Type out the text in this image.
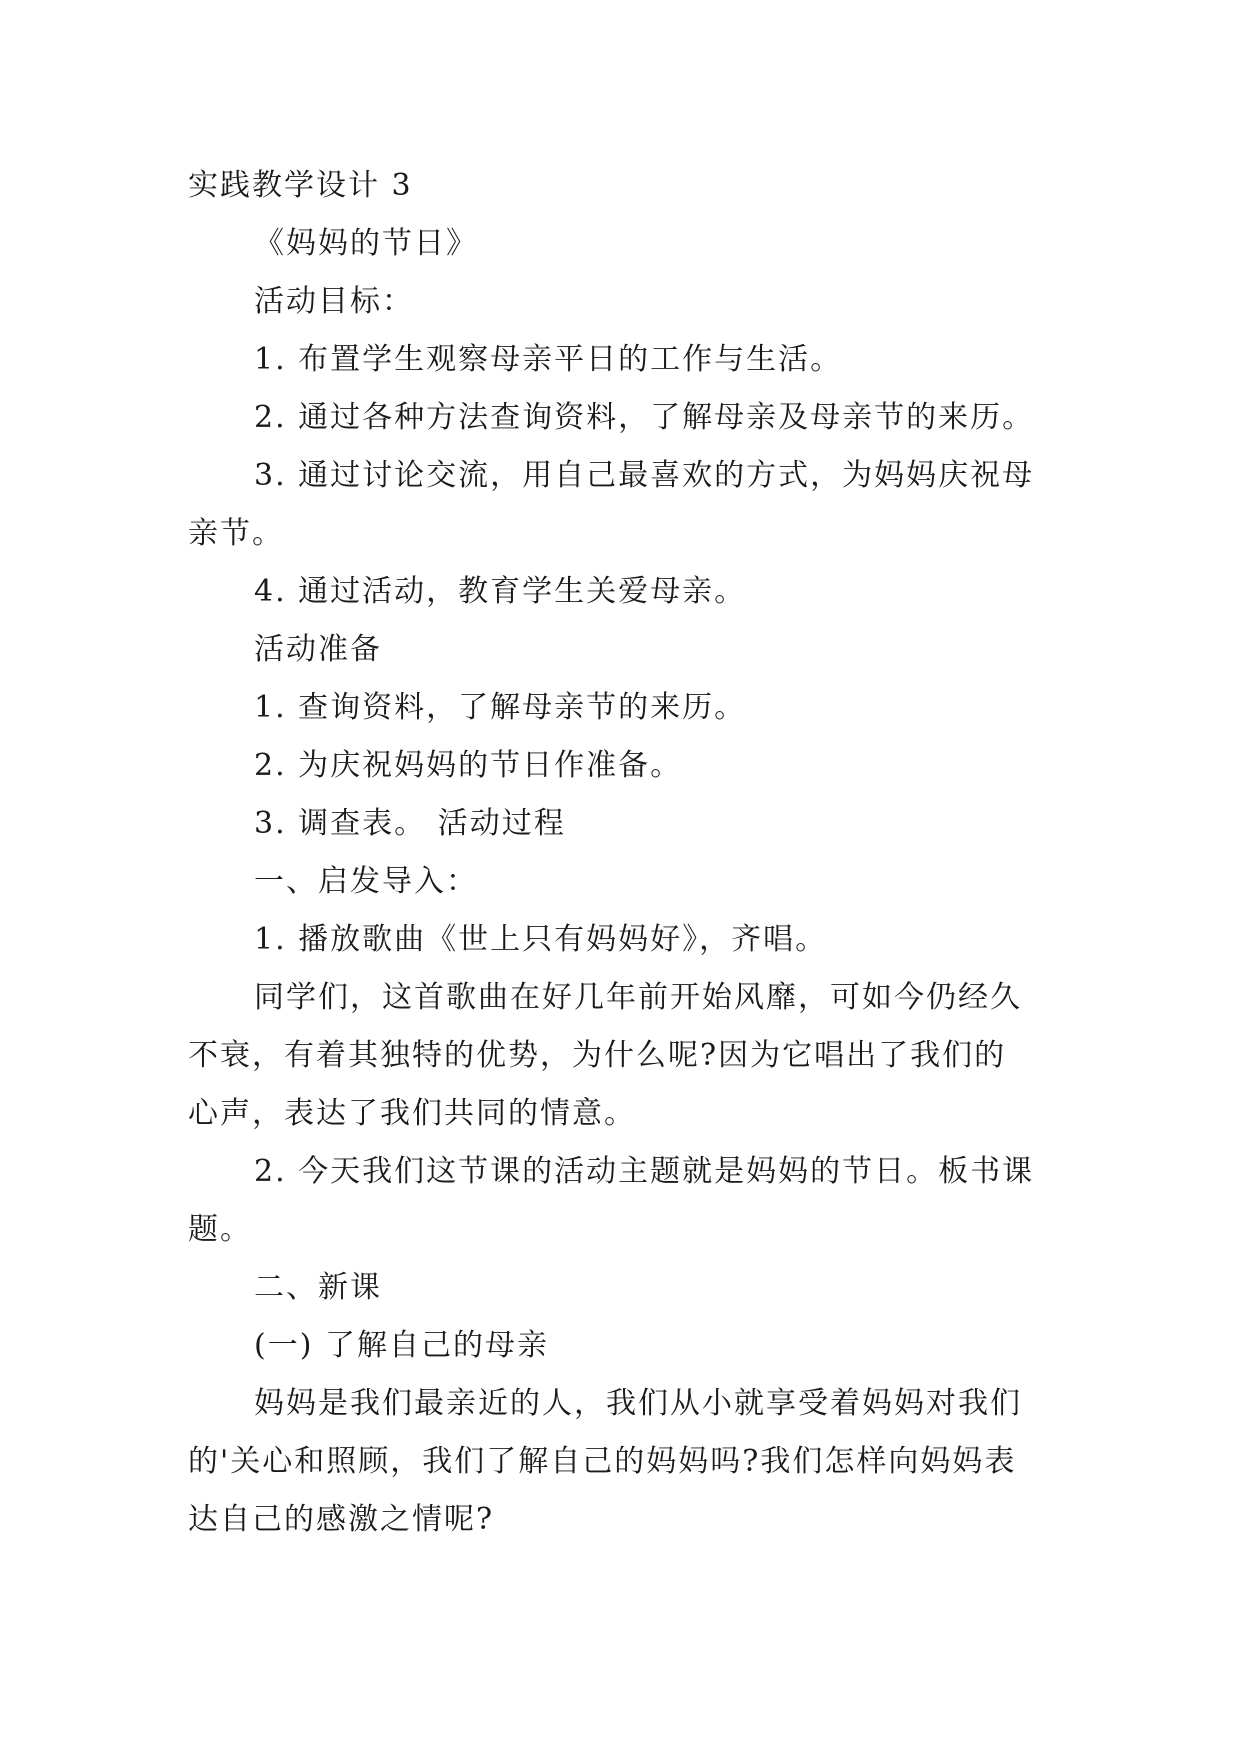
实践教学设计 3
《妈妈的节日》
活动目标：
1. 布置学生观察母亲平日的工作与生活。
2. 通过各种方法查询资料，了解母亲及母亲节的来历。
3. 通过讨论交流，用自己最喜欢的方式，为妈妈庆祝母
亲节。
4. 通过活动，教育学生关爱母亲。
活动准备
1. 查询资料，了解母亲节的来历。
2. 为庆祝妈妈的节日作准备。
3. 调查表。 活动过程
一、启发导入：
1. 播放歌曲《世上只有妈妈好》，齐唱。
同学们，这首歌曲在好几年前开始风靡，可如今仍经久
不衰，有着其独特的优势，为什么呢?因为它唱出了我们的
心声，表达了我们共同的情意。
2. 今天我们这节课的活动主题就是妈妈的节日。板书课
题。
二、新课
(一) 了解自己的母亲
妈妈是我们最亲近的人，我们从小就享受着妈妈对我们
的'关心和照顾，我们了解自己的妈妈吗?我们怎样向妈妈表
达自己的感激之情呢?
